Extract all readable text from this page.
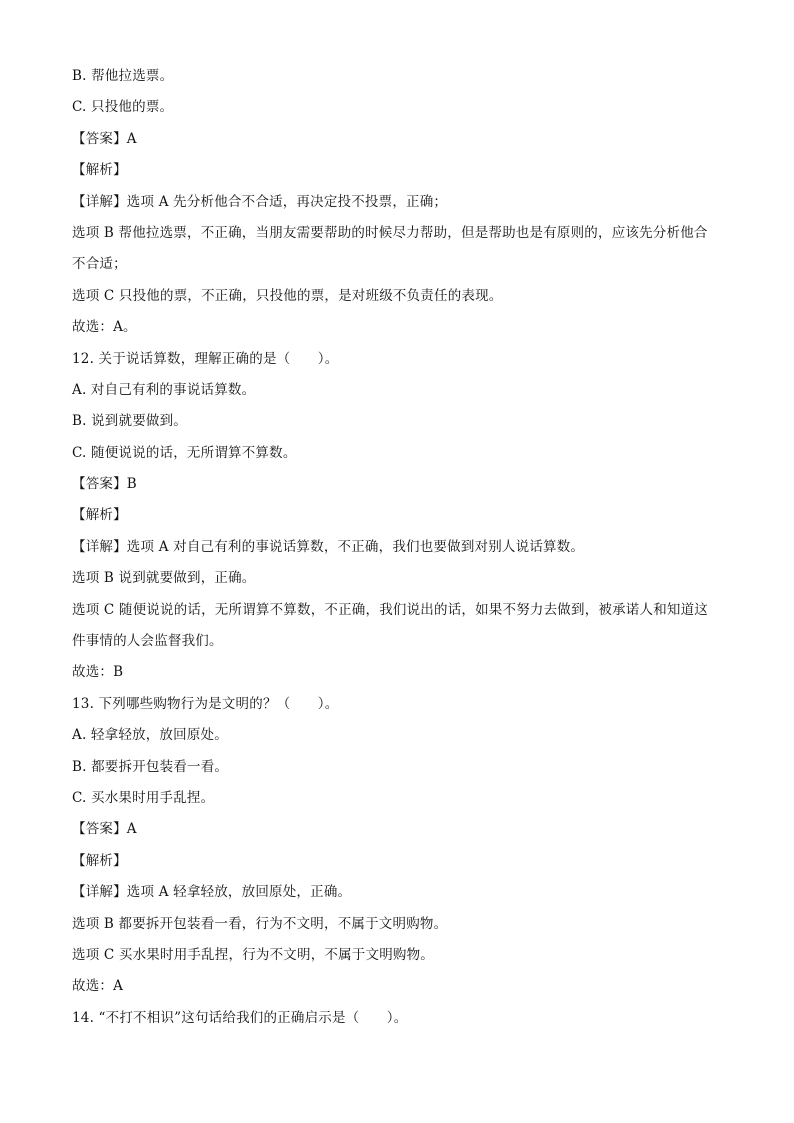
B. 帮他拉选票。
C. 只投他的票。
【答案】A
【解析】
【详解】选项 A 先分析他合不合适，再决定投不投票，正确；
选项 B 帮他拉选票，不正确，当朋友需要帮助的时候尽力帮助，但是帮助也是有原则的，应该先分析他合
不合适；
选项 C 只投他的票，不正确，只投他的票，是对班级不负责任的表现。
故选：A。
12. 关于说话算数，理解正确的是（　　）。
A. 对自己有利的事说话算数。
B. 说到就要做到。
C. 随便说说的话，无所谓算不算数。
【答案】B
【解析】
【详解】选项 A 对自己有利的事说话算数，不正确，我们也要做到对别人说话算数。
选项 B 说到就要做到，正确。
选项 C 随便说说的话，无所谓算不算数，不正确，我们说出的话，如果不努力去做到，被承诺人和知道这
件事情的人会监督我们。
故选：B
13. 下列哪些购物行为是文明的？（　　）。
A. 轻拿轻放，放回原处。
B. 都要拆开包装看一看。
C. 买水果时用手乱捏。
【答案】A
【解析】
【详解】选项 A 轻拿轻放，放回原处，正确。
选项 B 都要拆开包装看一看，行为不文明，不属于文明购物。
选项 C 买水果时用手乱捏，行为不文明，不属于文明购物。
故选：A
14. “不打不相识”这句话给我们的正确启示是（　　）。
